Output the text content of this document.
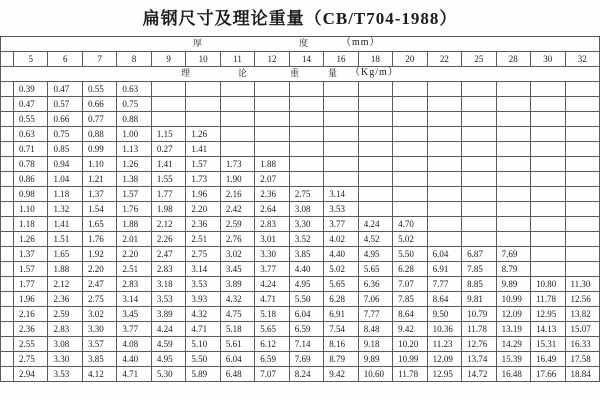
扁钢尺寸及理论重量（CB/T704-1988）
厚 度 （mm）																	

	5	6	7	8	9	10	11	12	14	16	18	20	22	25	28	30	32

理 论 重 量 （Kg/m）																	

	0.39	0.47	0.55	0.63													
	0.47	0.57	0.66	0.75													
	0.55	0.66	0.77	0.88													
	0.63	0.75	0.88	1.00	1.15	1.26											
	0.71	0.85	0.99	1.13	0.27	1.41											
	0.78	0.94	1.10	1.26	1.41	1.57	1.73	1.88									
	0.86	1.04	1.21	1.38	1.55	1.73	1.90	2.07									
	0.98	1.18	1.37	1.57	1.77	1.96	2.16	2.36	2.75	3.14							
	1.10	1.32	1.54	1.76	1.98	2.20	2.42	2.64	3.08	3.53							
	1.18	1.41	1.65	1.88	2.12	2.36	2.59	2.83	3.30	3.77	4.24	4.70					
	1.26	1.51	1.76	2.01	2.26	2.51	2.76	3.01	3.52	4.02	4.52	5.02					
	1.37	1.65	1.92	2.20	2.47	2.75	3.02	3.30	3.85	4.40	4.95	5.50	6.04	6.87	7.69		
	1.57	1.88	2.20	2.51	2.83	3.14	3.45	3.77	4.40	5.02	5.65	6.28	6.91	7.85	8.79		
	1.77	2.12	2.47	2.83	3.18	3.53	3.89	4.24	4.95	5.65	6.36	7.07	7.77	8.85	9.89	10.80	11.30
	1.96	2.36	2.75	3.14	3.53	3.93	4.32	4.71	5.50	6.28	7.06	7.85	8.64	9.81	10.99	11.78	12.56
	2.16	2.59	3.02	3.45	3.89	4.32	4.75	5.18	6.04	6.91	7.77	8.64	9.50	10.79	12.09	12.95	13.82
	2.36	2.83	3.30	3.77	4.24	4.71	5.18	5.65	6.59	7.54	8.48	9.42	10.36	11.78	13.19	14.13	15.07
	2.55	3.08	3.57	4.08	4.59	5.10	5.61	6.12	7.14	8.16	9.18	10.20	11.23	12.76	14.29	15.31	16.33
	2.75	3.30	3.85	4.40	4.95	5.50	6.04	6.59	7.69	8.79	9.89	10.99	12.09	13.74	15.39	16.49	17.58
	2.94	3.53	4.12	4.71	5.30	5.89	6.48	7.07	8.24	9.42	10.60	11.78	12.95	14.72	16.48	17.66	18.84
